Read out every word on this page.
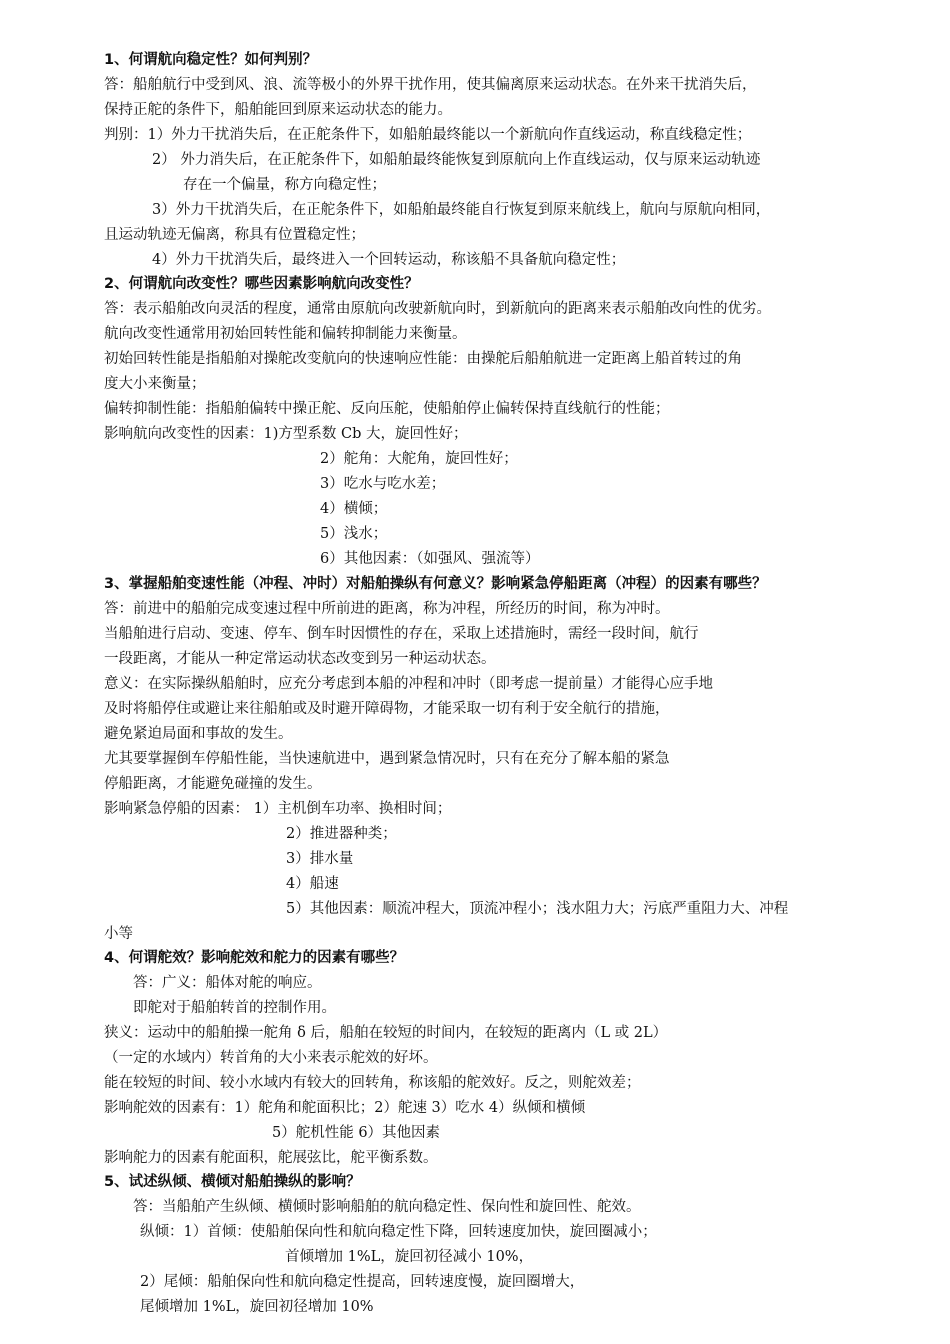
1、何谓航向稳定性？如何判别？
答：船舶航行中受到风、浪、流等极小的外界干扰作用，使其偏离原来运动状态。在外来干扰消失后，
保持正舵的条件下，船舶能回到原来运动状态的能力。
判别：1）外力干扰消失后，在正舵条件下，如船舶最终能以一个新航向作直线运动，称直线稳定性；
2） 外力消失后，在正舵条件下，如船舶最终能恢复到原航向上作直线运动，仅与原来运动轨迹
存在一个偏量，称方向稳定性；
3）外力干扰消失后，在正舵条件下，如船舶最终能自行恢复到原来航线上，航向与原航向相同，
且运动轨迹无偏离，称具有位置稳定性；
4）外力干扰消失后，最终进入一个回转运动，称该船不具备航向稳定性；
2、何谓航向改变性？哪些因素影响航向改变性？
答：表示船舶改向灵活的程度，通常由原航向改驶新航向时，到新航向的距离来表示船舶改向性的优劣。
航向改变性通常用初始回转性能和偏转抑制能力来衡量。
初始回转性能是指船舶对操舵改变航向的快速响应性能：由操舵后船舶航进一定距离上船首转过的角
度大小来衡量；
偏转抑制性能：指船舶偏转中操正舵、反向压舵，使船舶停止偏转保持直线航行的性能；
影响航向改变性的因素：1)方型系数 Cb 大，旋回性好；
2）舵角：大舵角，旋回性好；
3）吃水与吃水差；
4）横倾；
5）浅水；
6）其他因素：（如强风、强流等）
3、掌握船舶变速性能（冲程、冲时）对船舶操纵有何意义？影响紧急停船距离（冲程）的因素有哪些？
答：前进中的船舶完成变速过程中所前进的距离，称为冲程，所经历的时间，称为冲时。
当船舶进行启动、变速、停车、倒车时因惯性的存在，采取上述措施时，需经一段时间，航行
一段距离，才能从一种定常运动状态改变到另一种运动状态。
意义：在实际操纵船舶时，应充分考虑到本船的冲程和冲时（即考虑一提前量）才能得心应手地
及时将船停住或避让来往船舶或及时避开障碍物，才能采取一切有利于安全航行的措施，
避免紧迫局面和事故的发生。
尤其要掌握倒车停船性能，当快速航进中，遇到紧急情况时，只有在充分了解本船的紧急
停船距离，才能避免碰撞的发生。
影响紧急停船的因素： 1）主机倒车功率、换相时间；
2）推进器种类；
3）排水量
4）船速
5）其他因素：顺流冲程大，顶流冲程小；浅水阻力大；污底严重阻力大、冲程
小等
4、何谓舵效？影响舵效和舵力的因素有哪些？
答：广义：船体对舵的响应。
即舵对于船舶转首的控制作用。
狭义：运动中的船舶操一舵角 δ 后，船舶在较短的时间内，在较短的距离内（L 或 2L）
（一定的水域内）转首角的大小来表示舵效的好坏。
能在较短的时间、较小水域内有较大的回转角，称该船的舵效好。反之，则舵效差；
影响舵效的因素有：1）舵角和舵面积比；2）舵速 3）吃水 4）纵倾和横倾
5）舵机性能 6）其他因素
影响舵力的因素有舵面积，舵展弦比，舵平衡系数。
5、试述纵倾、横倾对船舶操纵的影响？
答：当船舶产生纵倾、横倾时影响船舶的航向稳定性、保向性和旋回性、舵效。
纵倾：1）首倾：使船舶保向性和航向稳定性下降，回转速度加快，旋回圈减小；
首倾增加 1%L，旋回初径减小 10%，
2）尾倾：船舶保向性和航向稳定性提高，回转速度慢，旋回圈增大，
尾倾增加 1%L，旋回初径增加 10%
